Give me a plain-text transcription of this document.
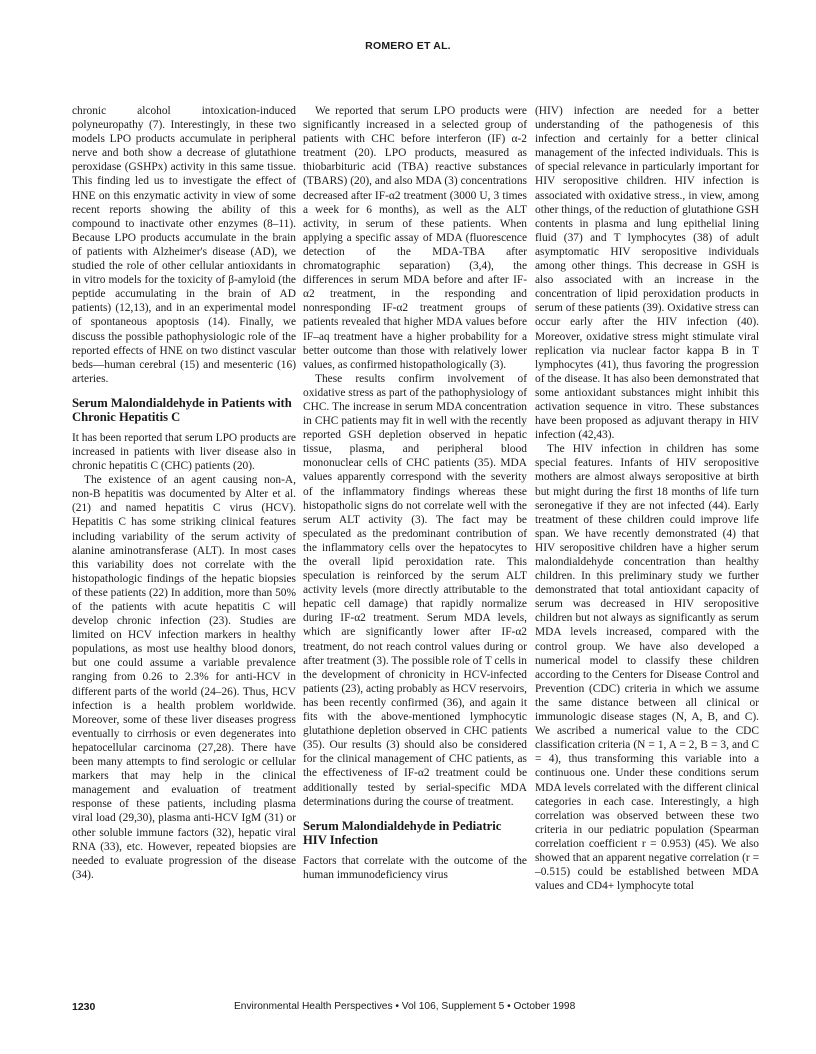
ROMERO ET AL.

chronic alcohol intoxication-induced polyneuropathy (7). Interestingly, in these two models LPO products accumulate in peripheral nerve and both show a decrease of glutathione peroxidase (GSHPx) activity in this same tissue. This finding led us to investigate the effect of HNE on this enzymatic activity in view of some recent reports showing the ability of this compound to inactivate other enzymes (8–11). Because LPO products accumulate in the brain of patients with Alzheimer's disease (AD), we studied the role of other cellular antioxidants in in vitro models for the toxicity of β-amyloid (the peptide accumulating in the brain of AD patients) (12,13), and in an experimental model of spontaneous apoptosis (14). Finally, we discuss the possible pathophysiologic role of the reported effects of HNE on two distinct vascular beds—human cerebral (15) and mesenteric (16) arteries.

Serum Malondialdehyde in Patients with Chronic Hepatitis C

It has been reported that serum LPO products are increased in patients with liver disease also in chronic hepatitis C (CHC) patients (20).

The existence of an agent causing non-A, non-B hepatitis was documented by Alter et al. (21) and named hepatitis C virus (HCV). Hepatitis C has some striking clinical features including variability of the serum activity of alanine aminotransferase (ALT). In most cases this variability does not correlate with the histopathologic findings of the hepatic biopsies of these patients (22) In addition, more than 50% of the patients with acute hepatitis C will develop chronic infection (23). Studies are limited on HCV infection markers in healthy populations, as most use healthy blood donors, but one could assume a variable prevalence ranging from 0.26 to 2.3% for anti-HCV in different parts of the world (24–26). Thus, HCV infection is a health problem worldwide. Moreover, some of these liver diseases progress eventually to cirrhosis or even degenerates into hepatocellular carcinoma (27,28). There have been many attempts to find serologic or cellular markers that may help in the clinical management and evaluation of treatment response of these patients, including plasma viral load (29,30), plasma anti-HCV IgM (31) or other soluble immune factors (32), hepatic viral RNA (33), etc. However, repeated biopsies are needed to evaluate progression of the disease (34).

We reported that serum LPO products were significantly increased in a selected group of patients with CHC before interferon (IF) α-2 treatment (20). LPO products, measured as thiobarbituric acid (TBA) reactive substances (TBARS) (20), and also MDA (3) concentrations decreased after IF-α2 treatment (3000 U, 3 times a week for 6 months), as well as the ALT activity, in serum of these patients. When applying a specific assay of MDA (fluorescence detection of the MDA-TBA after chromatographic separation) (3,4), the differences in serum MDA before and after IF-α2 treatment, in the responding and nonresponding IF-α2 treatment groups of patients revealed that higher MDA values before IF–aq treatment have a higher probability for a better outcome than those with relatively lower values, as confirmed histopathologically (3).

These results confirm involvement of oxidative stress as part of the pathophysiology of CHC. The increase in serum MDA concentration in CHC patients may fit in well with the recently reported GSH depletion observed in hepatic tissue, plasma, and peripheral blood mononuclear cells of CHC patients (35). MDA values apparently correspond with the severity of the inflammatory findings whereas these histopatholic signs do not correlate well with the serum ALT activity (3). The fact may be speculated as the predominant contribution of the inflammatory cells over the hepatocytes to the overall lipid peroxidation rate. This speculation is reinforced by the serum ALT activity levels (more directly attributable to the hepatic cell damage) that rapidly normalize during IF-α2 treatment. Serum MDA levels, which are significantly lower after IF-α2 treatment, do not reach control values during or after treatment (3). The possible role of T cells in the development of chronicity in HCV-infected patients (23), acting probably as HCV reservoirs, has been recently confirmed (36), and again it fits with the above-mentioned lymphocytic glutathione depletion observed in CHC patients (35). Our results (3) should also be considered for the clinical management of CHC patients, as the effectiveness of IF-α2 treatment could be additionally tested by serial-specific MDA determinations during the course of treatment.

Serum Malondialdehyde in Pediatric HIV Infection

Factors that correlate with the outcome of the human immunodeficiency virus

(HIV) infection are needed for a better understanding of the pathogenesis of this infection and certainly for a better clinical management of the infected individuals. This is of special relevance in particularly important for HIV seropositive children. HIV infection is associated with oxidative stress., in view, among other things, of the reduction of glutathione GSH contents in plasma and lung epithelial lining fluid (37) and T lymphocytes (38) of adult asymptomatic HIV seropositive individuals among other things. This decrease in GSH is also associated with an increase in the concentration of lipid peroxidation products in serum of these patients (39). Oxidative stress can occur early after the HIV infection (40). Moreover, oxidative stress might stimulate viral replication via nuclear factor kappa B in T lymphocytes (41), thus favoring the progression of the disease. It has also been demonstrated that some antioxidant substances might inhibit this activation sequence in vitro. These substances have been proposed as adjuvant therapy in HIV infection (42,43).

The HIV infection in children has some special features. Infants of HIV seropositive mothers are almost always seropositive at birth but might during the first 18 months of life turn seronegative if they are not infected (44). Early treatment of these children could improve life span. We have recently demonstrated (4) that HIV seropositive children have a higher serum malondialdehyde concentration than healthy children. In this preliminary study we further demonstrated that total antioxidant capacity of serum was decreased in HIV seropositive children but not always as significantly as serum MDA levels increased, compared with the control group. We have also developed a numerical model to classify these children according to the Centers for Disease Control and Prevention (CDC) criteria in which we assume the same distance between all clinical or immunologic disease stages (N, A, B, and C). We ascribed a numerical value to the CDC classification criteria (N = 1, A = 2, B = 3, and C = 4), thus transforming this variable into a continuous one. Under these conditions serum MDA levels correlated with the different clinical categories in each case. Interestingly, a high correlation was observed between these two criteria in our pediatric population (Spearman correlation coefficient r = 0.953) (45). We also showed that an apparent negative correlation (r = –0.515) could be established between MDA values and CD4+ lymphocyte total

1230	Environmental Health Perspectives • Vol 106, Supplement 5 • October 1998
